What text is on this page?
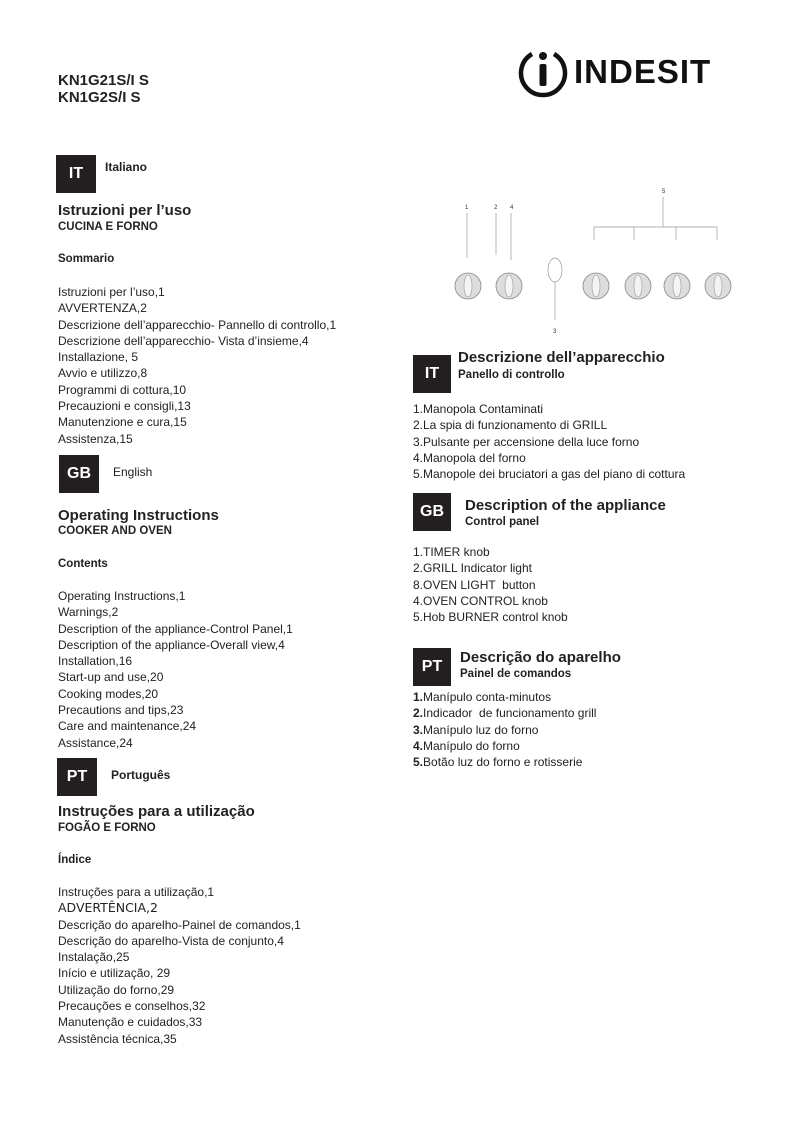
KN1G21S/I S
KN1G2S/I S
INDESIT
IT	Italiano
Istruzioni per l’uso
CUCINA E FORNO
Sommario
Istruzioni per l’uso,1
AVVERTENZA,2
Descrizione dell’apparecchio- Pannello di controllo,1
Descrizione dell’apparecchio- Vista d’insieme,4
Installazione, 5
Avvio e utilizzo,8
Programmi di cottura,10
Precauzioni e consigli,13
Manutenzione e cura,15
Assistenza,15
GB	English
Operating Instructions
COOKER AND OVEN
Contents
Operating Instructions,1
Warnings,2
Description of the appliance-Control Panel,1
Description of the appliance-Overall view,4
Installation,16
Start-up and use,20
Cooking modes,20
Precautions and tips,23
Care and maintenance,24
Assistance,24
PT	Português
Instruções para a utilização
FOGÃO E FORNO
Índice
Instruções para a utilização,1
ADVERTÊNCIA,2
Descrição do aparelho-Painel de comandos,1
Descrição do aparelho-Vista de conjunto,4
Instalação,25
Início e utilização, 29
Utilização do forno,29
Precauções e conselhos,32
Manutenção e cuidados,33
Assistência técnica,35
1	2 4
5
3
IT
Descrizione dell’apparecchio
Panello di controllo
1.Manopola Contaminati
2.La spia di funzionamento di GRILL
3.Pulsante per accensione della luce forno
4.Manopola del forno
5.Manopole dei bruciatori a gas del piano di cottura
GB	Description of the appliance
Control panel
1.TIMER knob
2.GRILL Indicator light
8.OVEN LIGHT  button
4.OVEN CONTROL knob
5.Hob BURNER control knob
PT
Descrição do aparelho
Painel de comandos
1.Manípulo conta-minutos
2.Indicador  de funcionamento grill
3.Manípulo luz do forno
4.Manípulo do forno
5.Botão luz do forno e rotisserie
